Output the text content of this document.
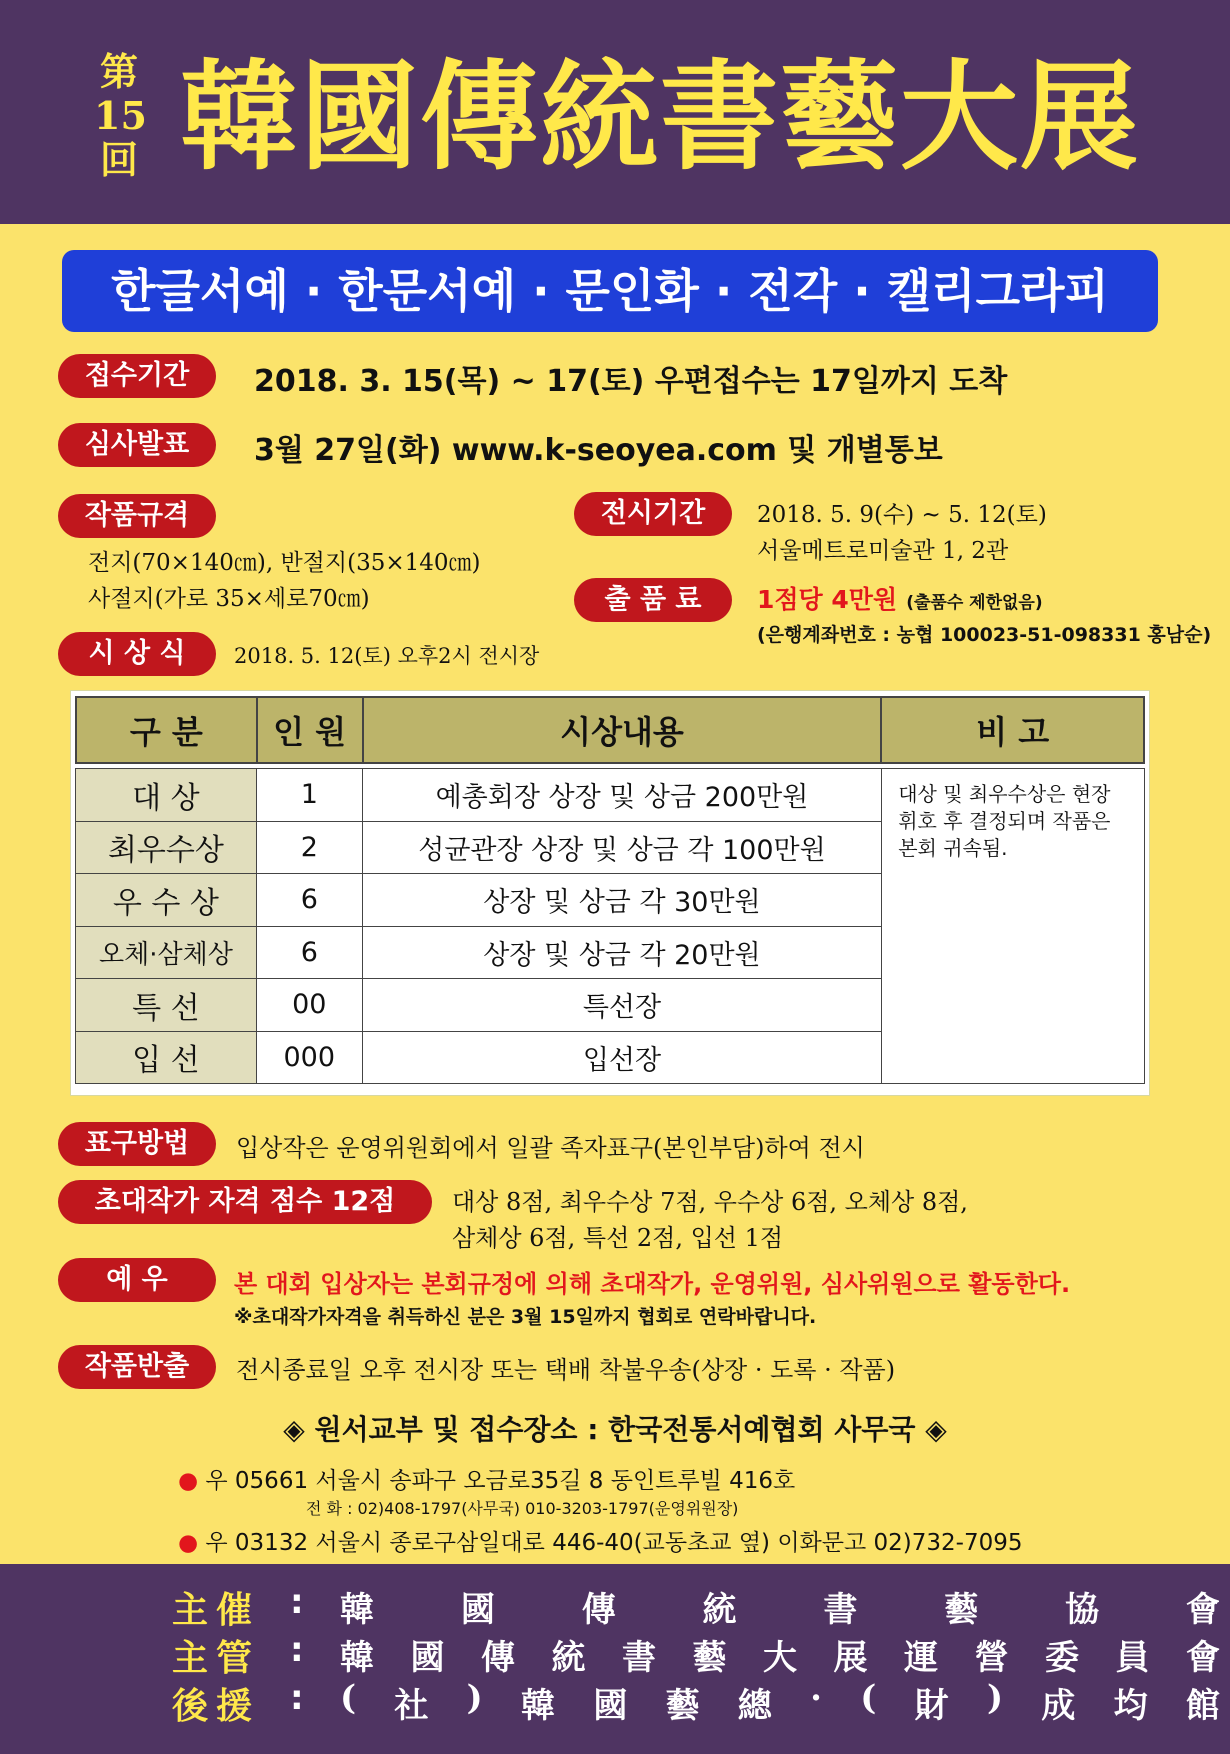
第
15
回 韓國傳統書藝大展
한글서예 · 한문서예 · 문인화 · 전각 · 캘리그라피
접수기간	2018. 3. 15(목) ~ 17(토) 우편접수는 17일까지 도착
심사발표	3월 27일(화) www.k-seoyea.com 및 개별통보
작품규격
전지(70×140㎝), 반절지(35×140㎝)
사절지(가로 35×세로70㎝)
전시기간	2018. 5. 9(수) ~ 5. 12(토)
서울메트로미술관 1, 2관
출 품 료	1점당 4만원 (출품수 제한없음)
(은행계좌번호 : 농협 100023-51-098331 홍남순)
시 상 식	2018. 5. 12(토) 오후2시 전시장
구 분	인 원	시상내용	비 고
대 상	1	예총회장 상장 및 상금 200만원	대상 및 최우수상은 현장 휘호 후 결정되며 작품은 본회 귀속됨.
최우수상	2	성균관장 상장 및 상금 각 100만원	
우 수 상	6	상장 및 상금 각 30만원	
오체·삼체상	6	상장 및 상금 각 20만원	
특 선	00	특선장	
입 선	000	입선장	
표구방법	입상작은 운영위원회에서 일괄 족자표구(본인부담)하여 전시
초대작가 자격 점수 12점	대상 8점, 최우수상 7점, 우수상 6점, 오체상 8점,
삼체상 6점, 특선 2점, 입선 1점
예 우	본 대회 입상자는 본회규정에 의해 초대작가, 운영위원, 심사위원으로 활동한다.
※초대작가자격을 취득하신 분은 3월 15일까지 협회로 연락바랍니다.
작품반출	전시종료일 오후 전시장 또는 택배 착불우송(상장 · 도록 · 작품)
◈ 원서교부 및 접수장소 : 한국전통서예협회 사무국 ◈
● 우 05661 서울시 송파구 오금로35길 8 동인트루빌 416호
전 화 : 02)408-1797(사무국) 010-3203-1797(운영위원장)
● 우 03132 서울시 종로구삼일대로 446-40(교동초교 옆) 이화문고 02)732-7095
主催 : 韓	國	傳	統	書	藝	協	會
主管 : 韓 國 傳 統 書 藝 大 展 運 營 委 員 會
後援 : ( 社 ) 韓 國 藝 總 · ( 財 ) 成 均 館
